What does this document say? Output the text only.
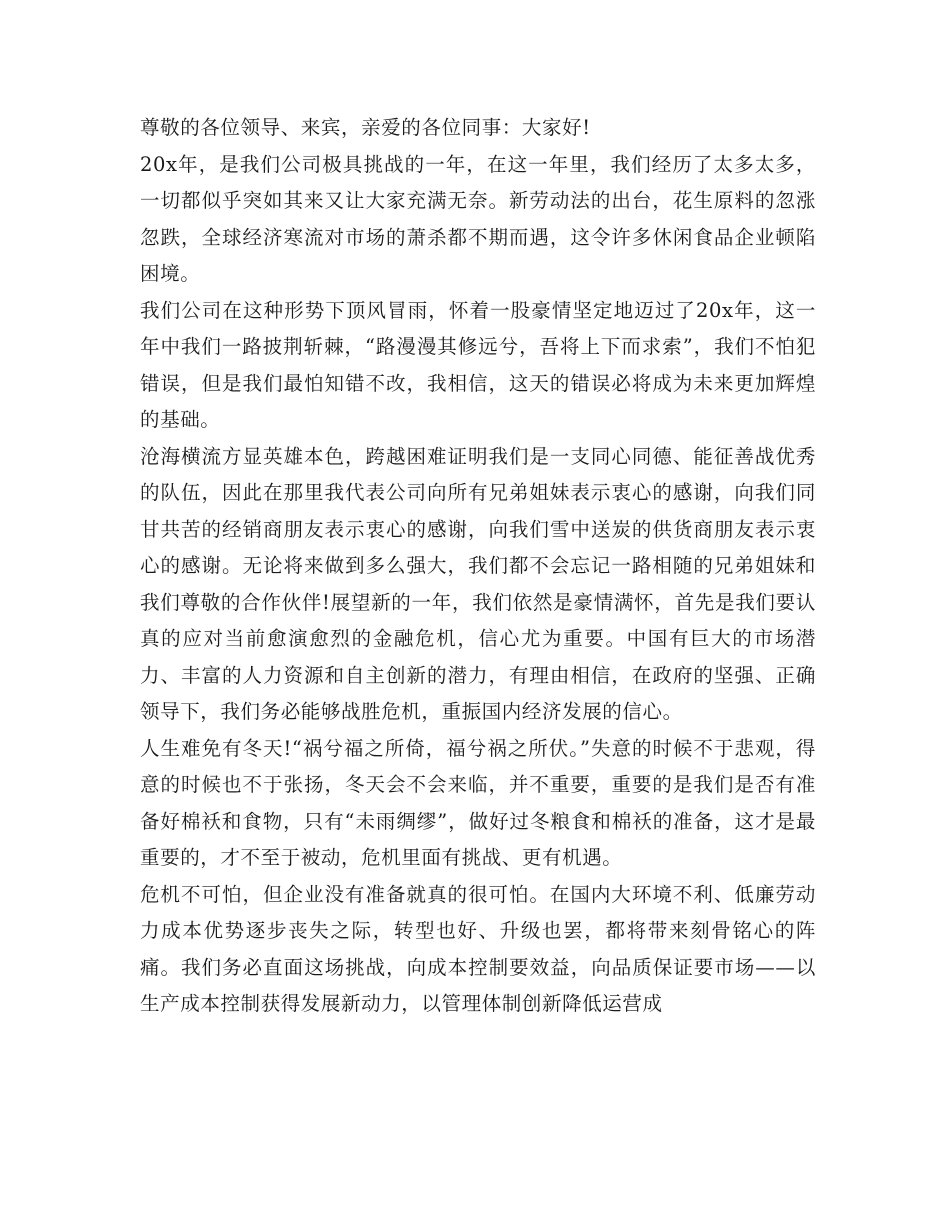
尊敬的各位领导、来宾，亲爱的各位同事：大家好!

20x年，是我们公司极具挑战的一年，在这一年里，我们经历了太多太多，一切都似乎突如其来又让大家充满无奈。新劳动法的出台，花生原料的忽涨忽跌，全球经济寒流对市场的萧杀都不期而遇，这令许多休闲食品企业顿陷困境。

我们公司在这种形势下顶风冒雨，怀着一股豪情坚定地迈过了20x年，这一年中我们一路披荆斩棘，“路漫漫其修远兮，吾将上下而求索”，我们不怕犯错误，但是我们最怕知错不改，我相信，这天的错误必将成为未来更加辉煌的基础。

沧海横流方显英雄本色，跨越困难证明我们是一支同心同德、能征善战优秀的队伍，因此在那里我代表公司向所有兄弟姐妹表示衷心的感谢，向我们同甘共苦的经销商朋友表示衷心的感谢，向我们雪中送炭的供货商朋友表示衷心的感谢。无论将来做到多么强大，我们都不会忘记一路相随的兄弟姐妹和我们尊敬的合作伙伴!展望新的一年，我们依然是豪情满怀，首先是我们要认真的应对当前愈演愈烈的金融危机，信心尤为重要。中国有巨大的市场潜力、丰富的人力资源和自主创新的潜力，有理由相信，在政府的坚强、正确领导下，我们务必能够战胜危机，重振国内经济发展的信心。

人生难免有冬天!“祸兮福之所倚，福兮祸之所伏。”失意的时候不于悲观，得意的时候也不于张扬，冬天会不会来临，并不重要，重要的是我们是否有准备好棉袄和食物，只有“未雨绸缪”，做好过冬粮食和棉袄的准备，这才是最重要的，才不至于被动，危机里面有挑战、更有机遇。

危机不可怕，但企业没有准备就真的很可怕。在国内大环境不利、低廉劳动力成本优势逐步丧失之际，转型也好、升级也罢，都将带来刻骨铭心的阵痛。我们务必直面这场挑战，向成本控制要效益，向品质保证要市场——以生产成本控制获得发展新动力，以管理体制创新降低运营成
